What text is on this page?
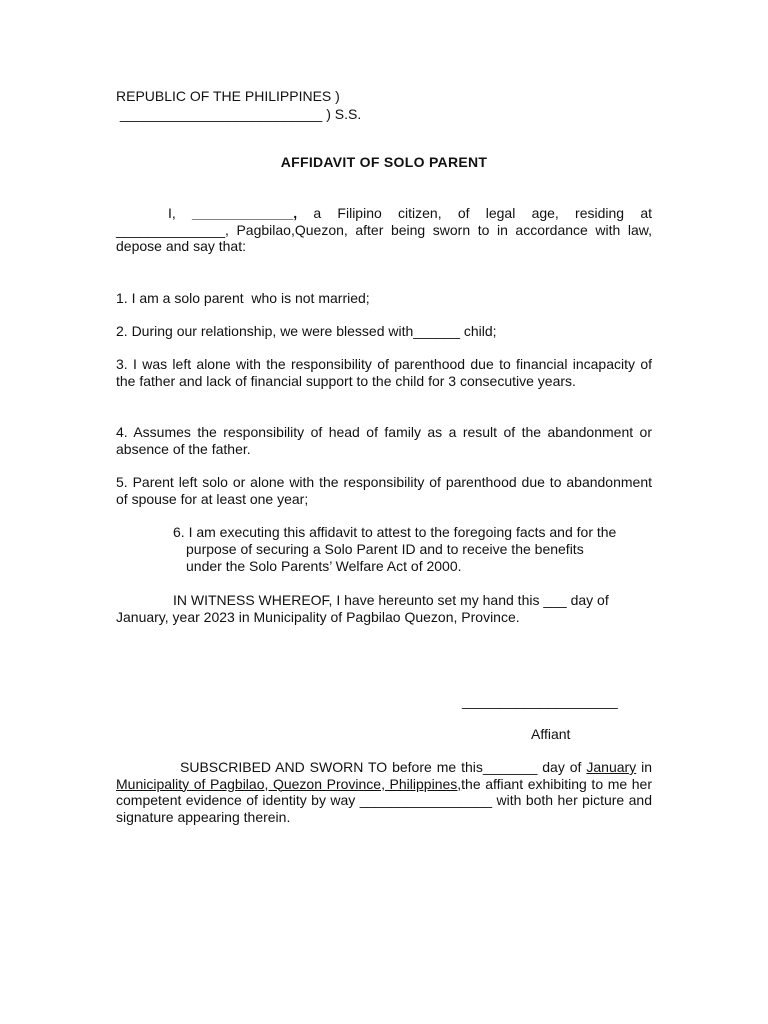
REPUBLIC OF THE PHILIPPINES )
__________________________ ) S.S.
AFFIDAVIT OF SOLO PARENT
I, _____________, a Filipino citizen, of legal age, residing at ______________, Pagbilao,Quezon, after being sworn to in accordance with law, depose and say that:
1. I am a solo parent  who is not married;
2. During our relationship, we were blessed with______ child;
3. I was left alone with the responsibility of parenthood due to financial incapacity of the father and lack of financial support to the child for 3 consecutive years.
4. Assumes the responsibility of head of family as a result of the abandonment or absence of the father.
5. Parent left solo or alone with the responsibility of parenthood due to abandonment of spouse for at least one year;
6. I am executing this affidavit to attest to the foregoing facts and for the
purpose of securing a Solo Parent ID and to receive the benefits
under the Solo Parents’ Welfare Act of 2000.
IN WITNESS WHEREOF, I have hereunto set my hand this ___ day of
January, year 2023 in Municipality of Pagbilao Quezon, Province.
____________________
Affiant
SUBSCRIBED AND SWORN TO before me this_______ day of January in Municipality of Pagbilao, Quezon Province, Philippines,the affiant exhibiting to me her competent evidence of identity by way _________________ with both her picture and signature appearing therein.
